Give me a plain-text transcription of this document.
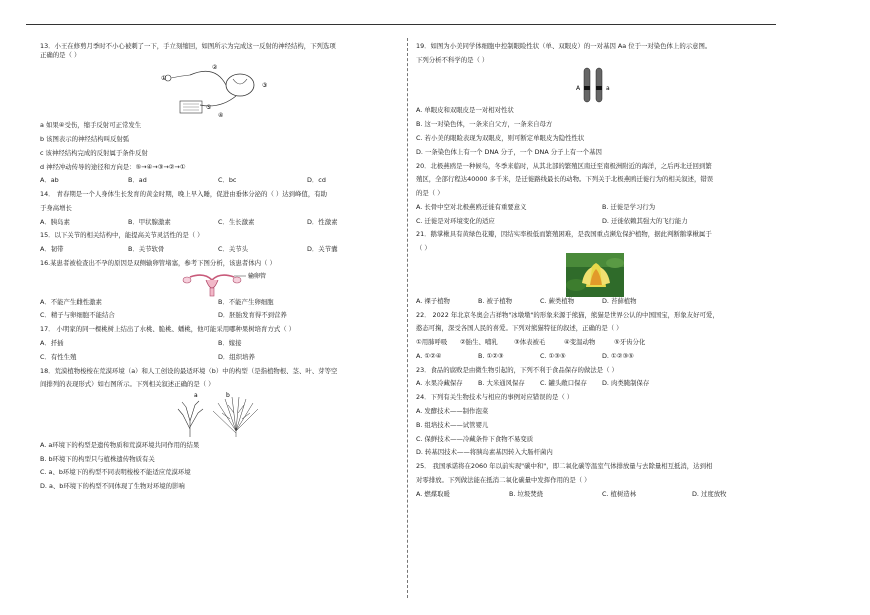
13．小王在修剪月季时不小心被刺了一下，手立刻缩回，如图所示为完成这一反射的神经结构，下列选项
正确的是（ ）
①
②
③
④
⑤
a 如果④受伤，缩手反射可正常发生
b 该图表示的神经结构叫反射弧
c 该神经结构完成的反射属于条件反射
d 神经冲动传导的途径和方向是：⑤→④→③→②→①
A．ab	B．ad	C．bc	D．cd
14． 青春期是一个人身体生长发育的黄金时期，晚上早入睡，促进由垂体分泌的（ ）达到峰值，有助
于身高增长
A．胰岛素	B．甲状腺激素	C．生长激素	D．性激素
15．以下关节的相关结构中，能提高关节灵活性的是（ ）
A．韧带	B．关节软骨	C．关节头	D．关节囊
16.某患者被检查出不孕的原因是双侧输卵管堵塞，参考下图分析，该患者体内（ ）
输卵管
A．不能产生雌性激素	B．不能产生卵细胞
C．精子与卵细胞不能结合	D．胚胎发育得不到营养
17． 小明家的同一棵桃树上结出了水桃、脆桃、蟠桃，他可能采用哪种果树培育方式（ ）
A．扦插	B．嫁接
C．有性生殖	D．组织培养
18．荒漠植物梭梭在荒漠环境（a）和人工创设的最适环境（b）中的构型（是指植物根、茎、叶、芽等空
间排列的表现形式）如右图所示。下列相关叙述正确的是（ ）
a	b
A. a环境下的构型是遗传物质和荒漠环境共同作用的结果
B. b环境下的构型只与植株遗传物质有关
C. a、b环境下的构型不同表明梭梭不能适应荒漠环境
D. a、b环境下的构型不同体现了生物对环境的影响
19．如图为小美同学体细胞中控制眼睑性状（单、双眼皮）的一对基因 Aa 位于一对染色体上的示意图。
下列分析不科学的是（ ）
A	a
A. 单眼皮和双眼皮是一对相对性状
B. 这一对染色体，一条来自父方，一条来自母方
C. 若小美的眼睑表现为双眼皮，则可断定单眼皮为隐性性状
D. 一条染色体上有一个 DNA 分子，一个 DNA 分子上有一个基因
20．北极燕鸥是一种候鸟，冬季来临时，从其北部的繁殖区南迁至南极洲附近的海洋，之后再北迁回到繁
殖区，全部行程达40000 多千米，是迁徙路线最长的动物。下列关于北极燕鸥迁徙行为的相关叙述，错误
的是（ ）
A. 长骨中空对北极燕鸥迁徙有重要意义	B. 迁徙是学习行为
C. 迁徙是对环境变化的适应	D. 迁徙依赖其强大的飞行能力
21．鹅掌楸具有黄绿色花瓣，因结实率极低而繁殖困难，是我国重点濒危保护植物，据此判断鹅掌楸属于
（ ）
A. 裸子植物	B. 被子植物	C. 蕨类植物	D. 苔藓植物
22． 2022 年北京冬奥会吉祥物"冰墩墩"的形象来源于熊猫，熊猫是世界公认的中国国宝，形象友好可爱，
憨态可掬，深受各国人民的喜爱。下列对熊猫特征的叙述，正确的是（ ）
①用肺呼吸 ②胎生、哺乳	③体表被毛	④变温动物	⑤牙齿分化
A. ①②④	B. ①②③	C. ①③⑤	D. ①②③⑤
23．食品的腐败是由微生物引起的，下列不利于食品保存的做法是（ ）
A. 水果冷藏保存 B. 大米通风保存 C. 罐头敞口保存 D. 肉类腌制保存
24．下列有关生物技术与相应的事例对应错误的是（ ）
A. 发酵技术——制作泡菜
B. 组培技术——试管婴儿
C. 保鲜技术——冷藏条件下食物不易变质
D. 转基因技术——将胰岛素基因转入大肠杆菌内
25． 我国承诺将在2060 年以前实现"碳中和"，即二氧化碳等温室气体排放量与去除量相互抵消，达到相
对零排放。下列做法能在抵消二氧化碳量中发挥作用的是（ ）
A. 燃煤取暖	B. 垃圾焚烧	C. 植树造林	D. 过度放牧
